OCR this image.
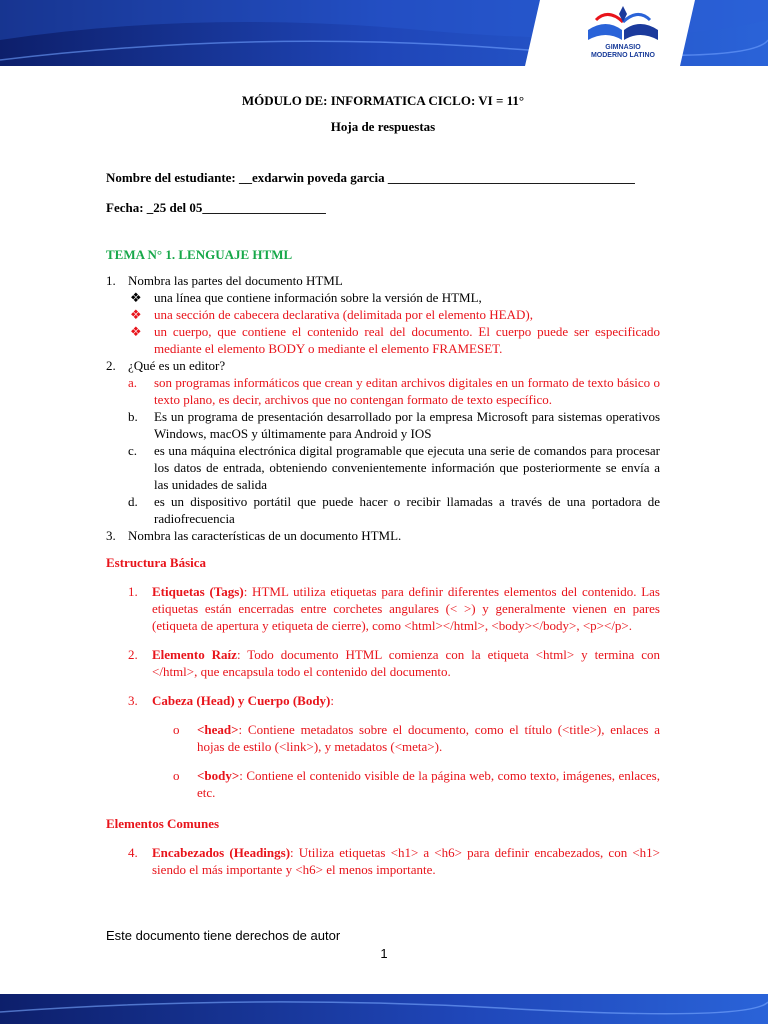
GIMNASIO
MODERNO LATINO
MÓDULO DE: INFORMATICA CICLO: VI = 11°
Hoja de respuestas
Nombre del estudiante: __exdarwin poveda garcia ______________________________________
Fecha: _25 del 05___________________
TEMA N° 1. LENGUAJE HTML
1. Nombra las partes del documento HTML
❖ una línea que contiene información sobre la versión de HTML,
❖ una sección de cabecera declarativa (delimitada por el elemento HEAD),
❖ un cuerpo, que contiene el contenido real del documento. El cuerpo puede ser especificado mediante el elemento BODY o mediante el elemento FRAMESET.
2. ¿Qué es un editor?
a. son programas informáticos que crean y editan archivos digitales en un formato de texto básico o texto plano, es decir, archivos que no contengan formato de texto específico.
b. Es un programa de presentación desarrollado por la empresa Microsoft para sistemas operativos Windows, macOS y últimamente para Android y IOS
c. es una máquina electrónica digital programable que ejecuta una serie de comandos para procesar los datos de entrada, obteniendo convenientemente información que posteriormente se envía a las unidades de salida
d. es un dispositivo portátil que puede hacer o recibir llamadas a través de una portadora de radiofrecuencia
3. Nombra las características de un documento HTML.
Estructura Básica
1. Etiquetas (Tags): HTML utiliza etiquetas para definir diferentes elementos del contenido. Las etiquetas están encerradas entre corchetes angulares (< >) y generalmente vienen en pares (etiqueta de apertura y etiqueta de cierre), como <html></html>, <body></body>, <p></p>.
2. Elemento Raíz: Todo documento HTML comienza con la etiqueta <html> y termina con </html>, que encapsula todo el contenido del documento.
3. Cabeza (Head) y Cuerpo (Body):
o <head>: Contiene metadatos sobre el documento, como el título (<title>), enlaces a hojas de estilo (<link>), y metadatos (<meta>).
o <body>: Contiene el contenido visible de la página web, como texto, imágenes, enlaces, etc.
Elementos Comunes
4. Encabezados (Headings): Utiliza etiquetas <h1> a <h6> para definir encabezados, con <h1> siendo el más importante y <h6> el menos importante.
Este documento tiene derechos de autor
1
